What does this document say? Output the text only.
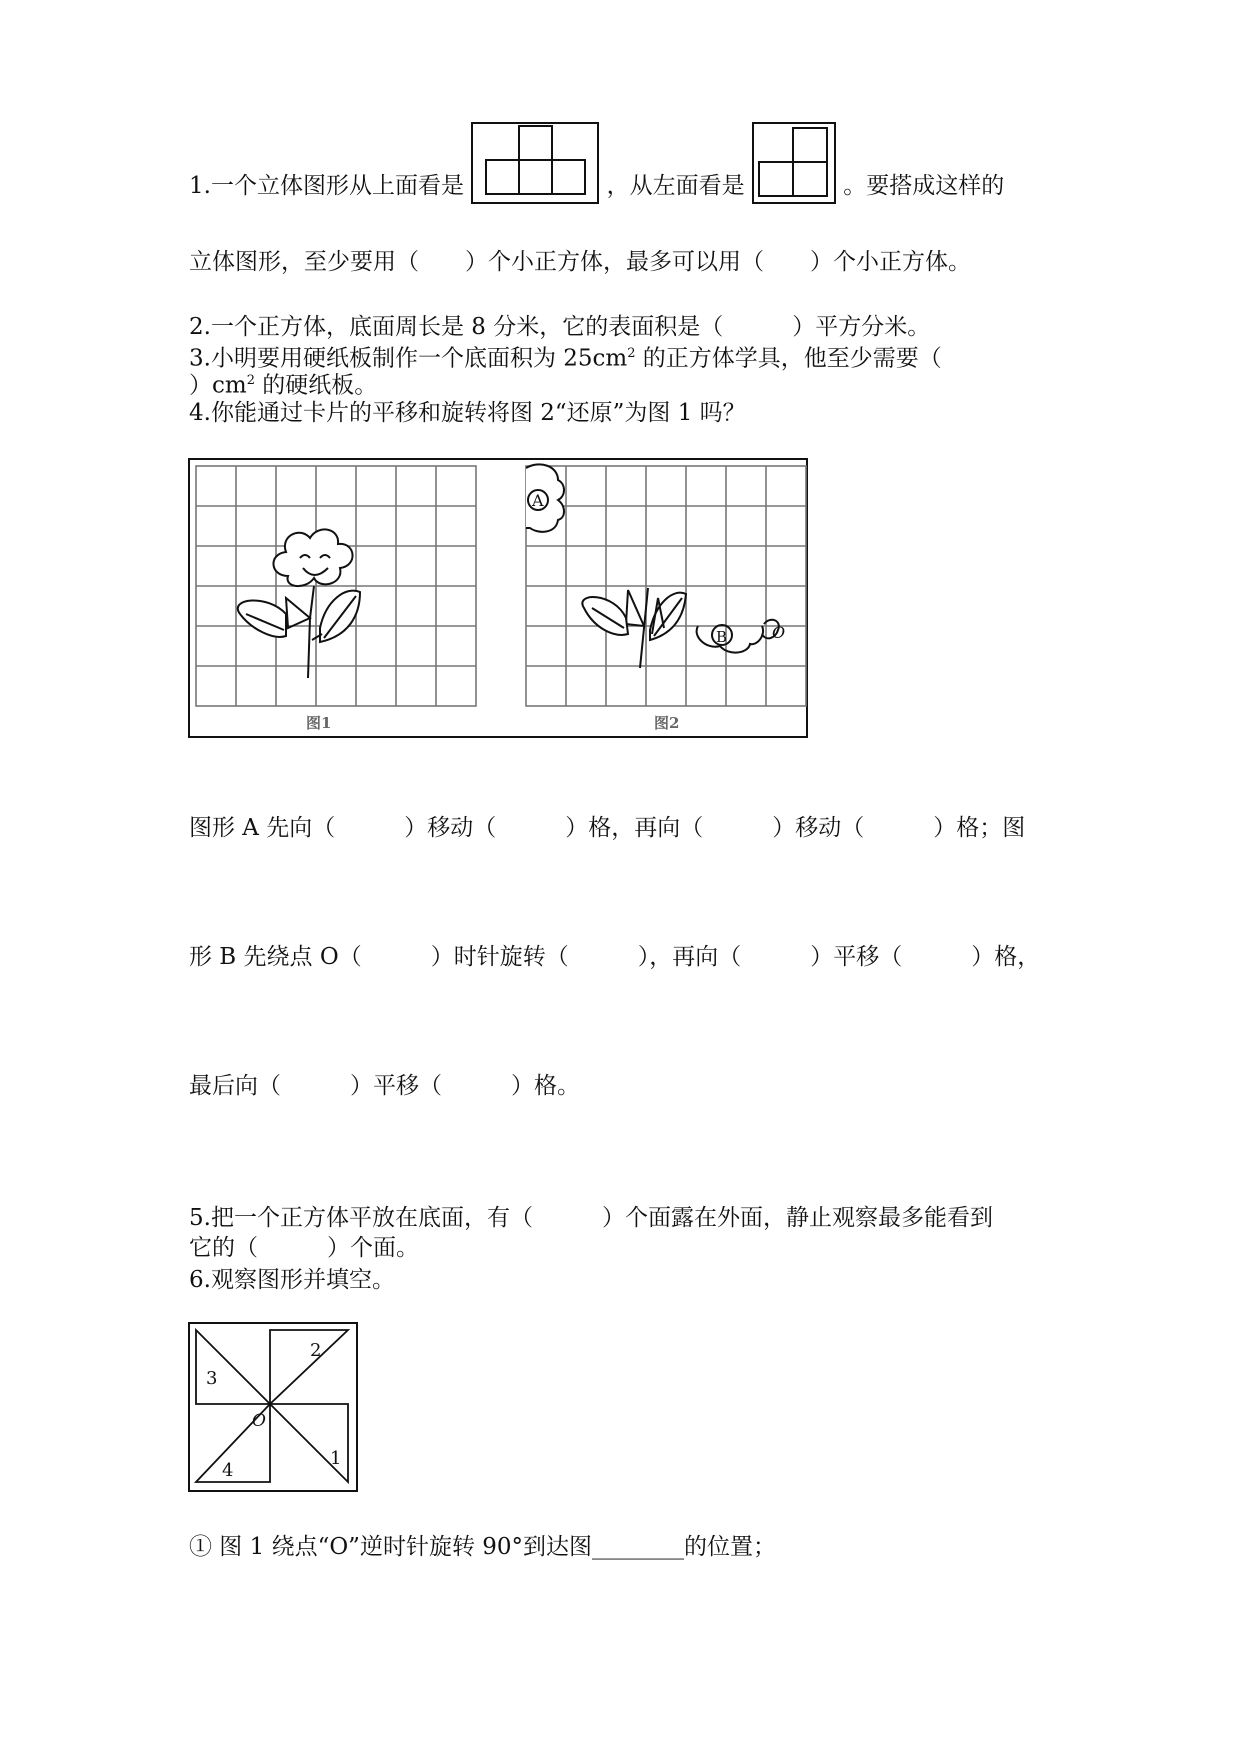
1.一个立体图形从上面看是	，从左面看是	。要搭成这样的
立体图形，至少要用（　　）个小正方体，最多可以用（　　）个小正方体。
2.一个正方体，底面周长是 8 分米，它的表面积是（　　　）平方分米。
3.小明要用硬纸板制作一个底面积为 $25cm^2$ 的正方体学具，他至少需要（
）$cm^2$ 的硬纸板。
4.你能通过卡片的平移和旋转将图 2“还原”为图 1 吗？
A
B	O
图1	图2
图形 A 先向（　　　）移动（　　　）格，再向（　　　）移动（　　　）格；图
形 B 先绕点 O（　　　）时针旋转（　　　），再向（　　　）平移（　　　）格，
最后向（　　　）平移（　　　）格。
5.把一个正方体平放在底面，有（　　　）个面露在外面，静止观察最多能看到
它的（　　　）个面。
6.观察图形并填空。
2
3
1
4
O
① 图 1 绕点“O”逆时针旋转 90°到达图________的位置；
